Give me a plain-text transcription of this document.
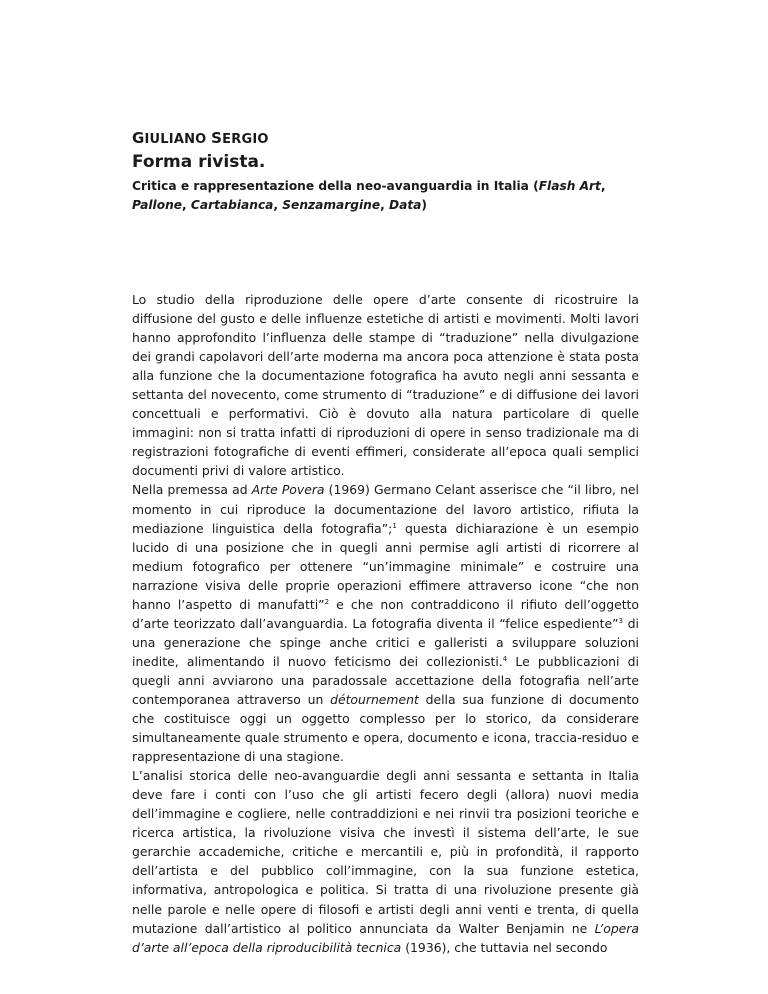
GIULIANO SERGIO

Forma rivista.

Critica e rappresentazione della neo-avanguardia in Italia (Flash Art, Pallone, Cartabianca, Senzamargine, Data)

Lo studio della riproduzione delle opere d’arte consente di ricostruire la diffusione del gusto e delle influenze estetiche di artisti e movimenti. Molti lavori hanno approfondito l’influenza delle stampe di “traduzione” nella divulgazione dei grandi capolavori dell’arte moderna ma ancora poca attenzione è stata posta alla funzione che la documentazione fotografica ha avuto negli anni sessanta e settanta del novecento, come strumento di “traduzione” e di diffusione dei lavori concettuali e performativi. Ciò è dovuto alla natura particolare di quelle immagini: non si tratta infatti di riproduzioni di opere in senso tradizionale ma di registrazioni fotografiche di eventi effimeri, considerate all’epoca quali semplici documenti privi di valore artistico.

Nella premessa ad Arte Povera (1969) Germano Celant asserisce che “il libro, nel momento in cui riproduce la documentazione del lavoro artistico, rifiuta la mediazione linguistica della fotografia”;$^1$ questa dichiarazione è un esempio lucido di una posizione che in quegli anni permise agli artisti di ricorrere al medium fotografico per ottenere “un’immagine minimale” e costruire una narrazione visiva delle proprie operazioni effimere attraverso icone “che non hanno l’aspetto di manufatti”$^2$ e che non contraddicono il rifiuto dell’oggetto d’arte teorizzato dall’avanguardia. La fotografia diventa il “felice espediente”$^3$ di una generazione che spinge anche critici e galleristi a sviluppare soluzioni inedite, alimentando il nuovo feticismo dei collezionisti.$^4$ Le pubblicazioni di quegli anni avviarono una paradossale accettazione della fotografia nell’arte contemporanea attraverso un détournement della sua funzione di documento che costituisce oggi un oggetto complesso per lo storico, da considerare simultaneamente quale strumento e opera, documento e icona, traccia-residuo e rappresentazione di una stagione.

L’analisi storica delle neo-avanguardie degli anni sessanta e settanta in Italia deve fare i conti con l’uso che gli artisti fecero degli (allora) nuovi media dell’immagine e cogliere, nelle contraddizioni e nei rinvii tra posizioni teoriche e ricerca artistica, la rivoluzione visiva che investì il sistema dell’arte, le sue gerarchie accademiche, critiche e mercantili e, più in profondità, il rapporto dell’artista e del pubblico coll’immagine, con la sua funzione estetica, informativa, antropologica e politica. Si tratta di una rivoluzione presente già nelle parole e nelle opere di filosofi e artisti degli anni venti e trenta, di quella mutazione dall’artistico al politico annunciata da Walter Benjamin ne L’opera d’arte all’epoca della riproducibilità tecnica (1936), che tuttavia nel secondo
